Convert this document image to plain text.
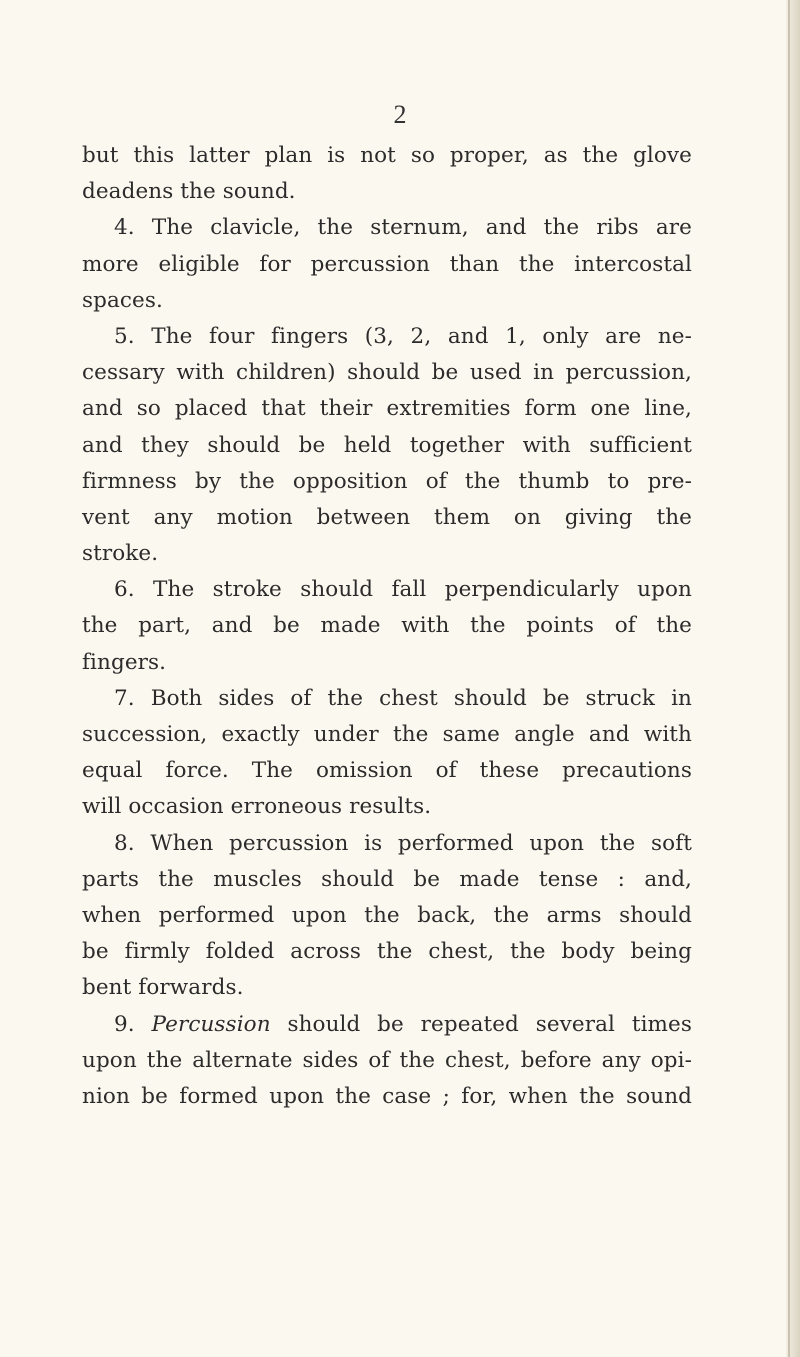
2
but this latter plan is not so proper, as the glove
deadens the sound.
4. The clavicle, the sternum, and the ribs are
more eligible for percussion than the intercostal
spaces.
5. The four fingers (3, 2, and 1, only are ne-
cessary with children) should be used in percussion,
and so placed that their extremities form one line,
and they should be held together with sufficient
firmness by the opposition of the thumb to pre-
vent any motion between them on giving the
stroke.
6. The stroke should fall perpendicularly upon
the part, and be made with the points of the
fingers.
7. Both sides of the chest should be struck in
succession, exactly under the same angle and with
equal force. The omission of these precautions
will occasion erroneous results.
8. When percussion is performed upon the soft
parts the muscles should be made tense : and,
when performed upon the back, the arms should
be firmly folded across the chest, the body being
bent forwards.
9. Percussion should be repeated several times
upon the alternate sides of the chest, before any opi-
nion be formed upon the case ; for, when the sound
